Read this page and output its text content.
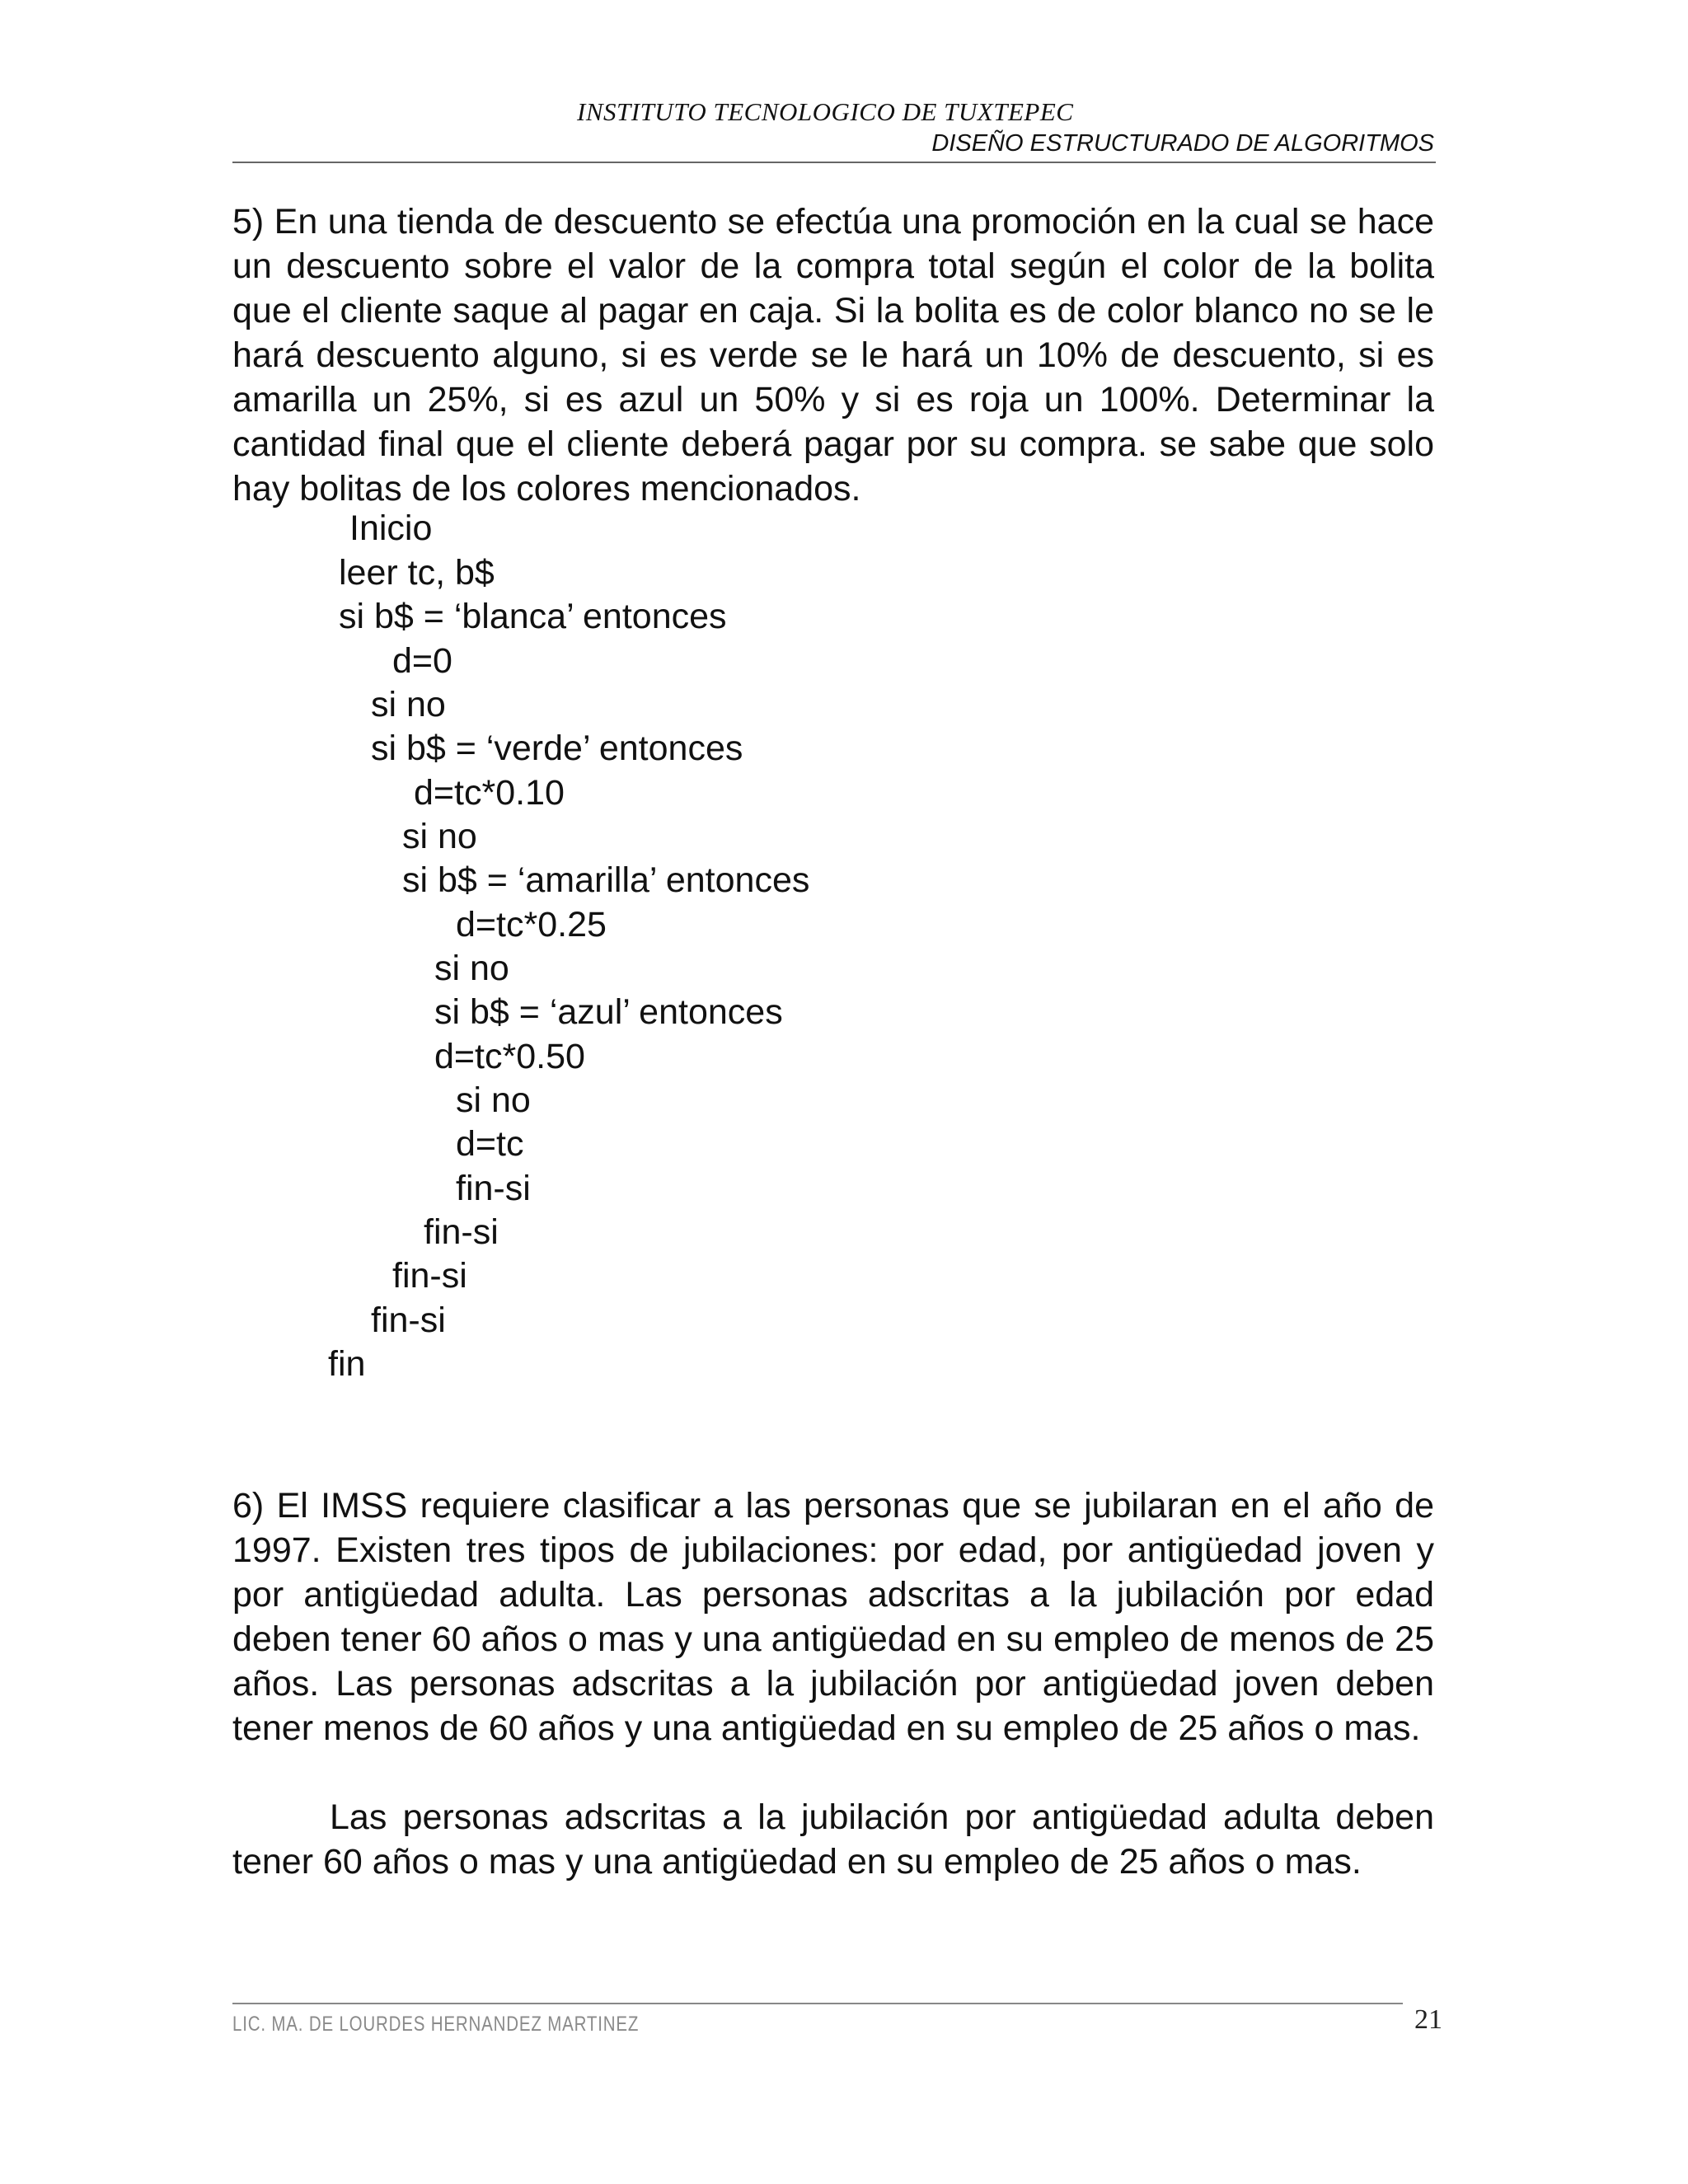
INSTITUTO TECNOLOGICO DE TUXTEPEC
DISEÑO ESTRUCTURADO DE ALGORITMOS
5) En una tienda de descuento se efectúa una promoción en la cual se hace un descuento sobre el valor de la compra total según el color de la bolita que el cliente saque al pagar en caja. Si la bolita es de color blanco no se le hará descuento alguno, si es verde se le hará un 10% de descuento, si es amarilla un 25%, si es azul un 50% y si es roja un 100%. Determinar la cantidad final que el cliente deberá pagar por su compra. se sabe que solo hay bolitas de los colores mencionados.
Inicio
leer tc, b$
si b$ = ‘blanca’ entonces
d=0
si no
si b$ = ‘verde’ entonces
d=tc*0.10
si no
si b$ = ‘amarilla’ entonces
d=tc*0.25
si no
si b$ = ‘azul’ entonces
d=tc*0.50
si no
d=tc
fin-si
fin-si
fin-si
fin-si
fin
6) El IMSS requiere clasificar a las personas que se jubilaran en el año de 1997. Existen tres tipos de jubilaciones: por edad, por antigüedad joven y por antigüedad adulta. Las personas adscritas a la jubilación por edad deben tener 60 años o mas y una antigüedad en su empleo de menos de 25 años. Las personas adscritas a la jubilación por antigüedad joven deben tener menos de 60 años y una antigüedad en su empleo de 25 años o mas.
Las personas adscritas a la jubilación por antigüedad adulta deben tener 60 años o mas y una antigüedad en su empleo de 25 años o mas.
LIC. MA. DE LOURDES HERNANDEZ MARTINEZ	21
